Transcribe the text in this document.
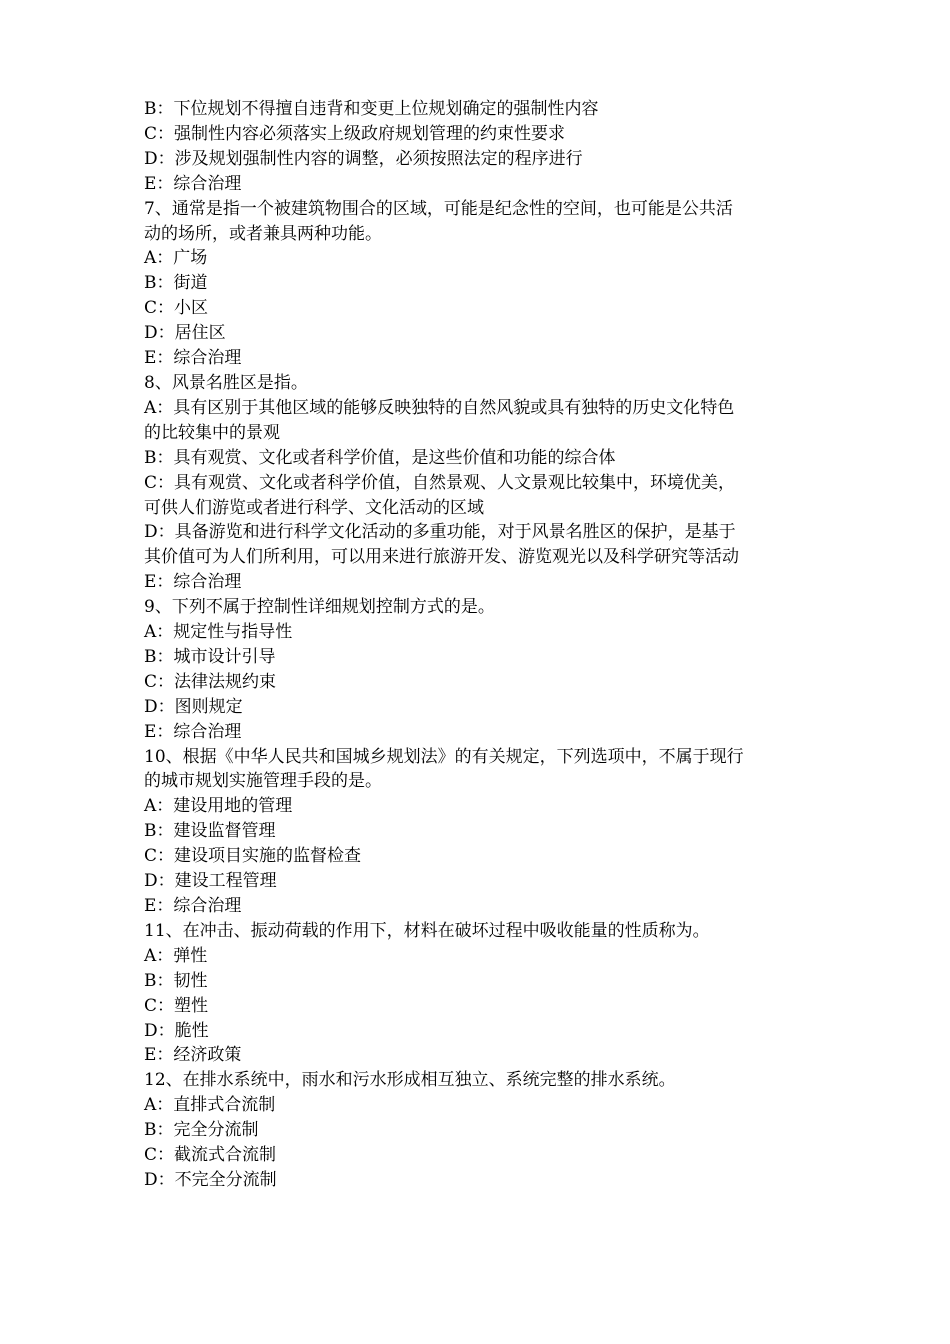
B：下位规划不得擅自违背和变更上位规划确定的强制性内容
C：强制性内容必须落实上级政府规划管理的约束性要求
D：涉及规划强制性内容的调整，必须按照法定的程序进行
E：综合治理
7、通常是指一个被建筑物围合的区域，可能是纪念性的空间，也可能是公共活
动的场所，或者兼具两种功能。
A：广场
B：街道
C：小区
D：居住区
E：综合治理
8、风景名胜区是指。
A：具有区别于其他区域的能够反映独特的自然风貌或具有独特的历史文化特色
的比较集中的景观
B：具有观赏、文化或者科学价值，是这些价值和功能的综合体
C：具有观赏、文化或者科学价值，自然景观、人文景观比较集中，环境优美，
可供人们游览或者进行科学、文化活动的区域
D：具备游览和进行科学文化活动的多重功能，对于风景名胜区的保护，是基于
其价值可为人们所利用，可以用来进行旅游开发、游览观光以及科学研究等活动
E：综合治理
9、下列不属于控制性详细规划控制方式的是。
A：规定性与指导性
B：城市设计引导
C：法律法规约束
D：图则规定
E：综合治理
10、根据《中华人民共和国城乡规划法》的有关规定，下列选项中，不属于现行
的城市规划实施管理手段的是。
A：建设用地的管理
B：建设监督管理
C：建设项目实施的监督检查
D：建设工程管理
E：综合治理
11、在冲击、振动荷载的作用下，材料在破坏过程中吸收能量的性质称为。
A：弹性
B：韧性
C：塑性
D：脆性
E：经济政策
12、在排水系统中，雨水和污水形成相互独立、系统完整的排水系统。
A：直排式合流制
B：完全分流制
C：截流式合流制
D：不完全分流制
